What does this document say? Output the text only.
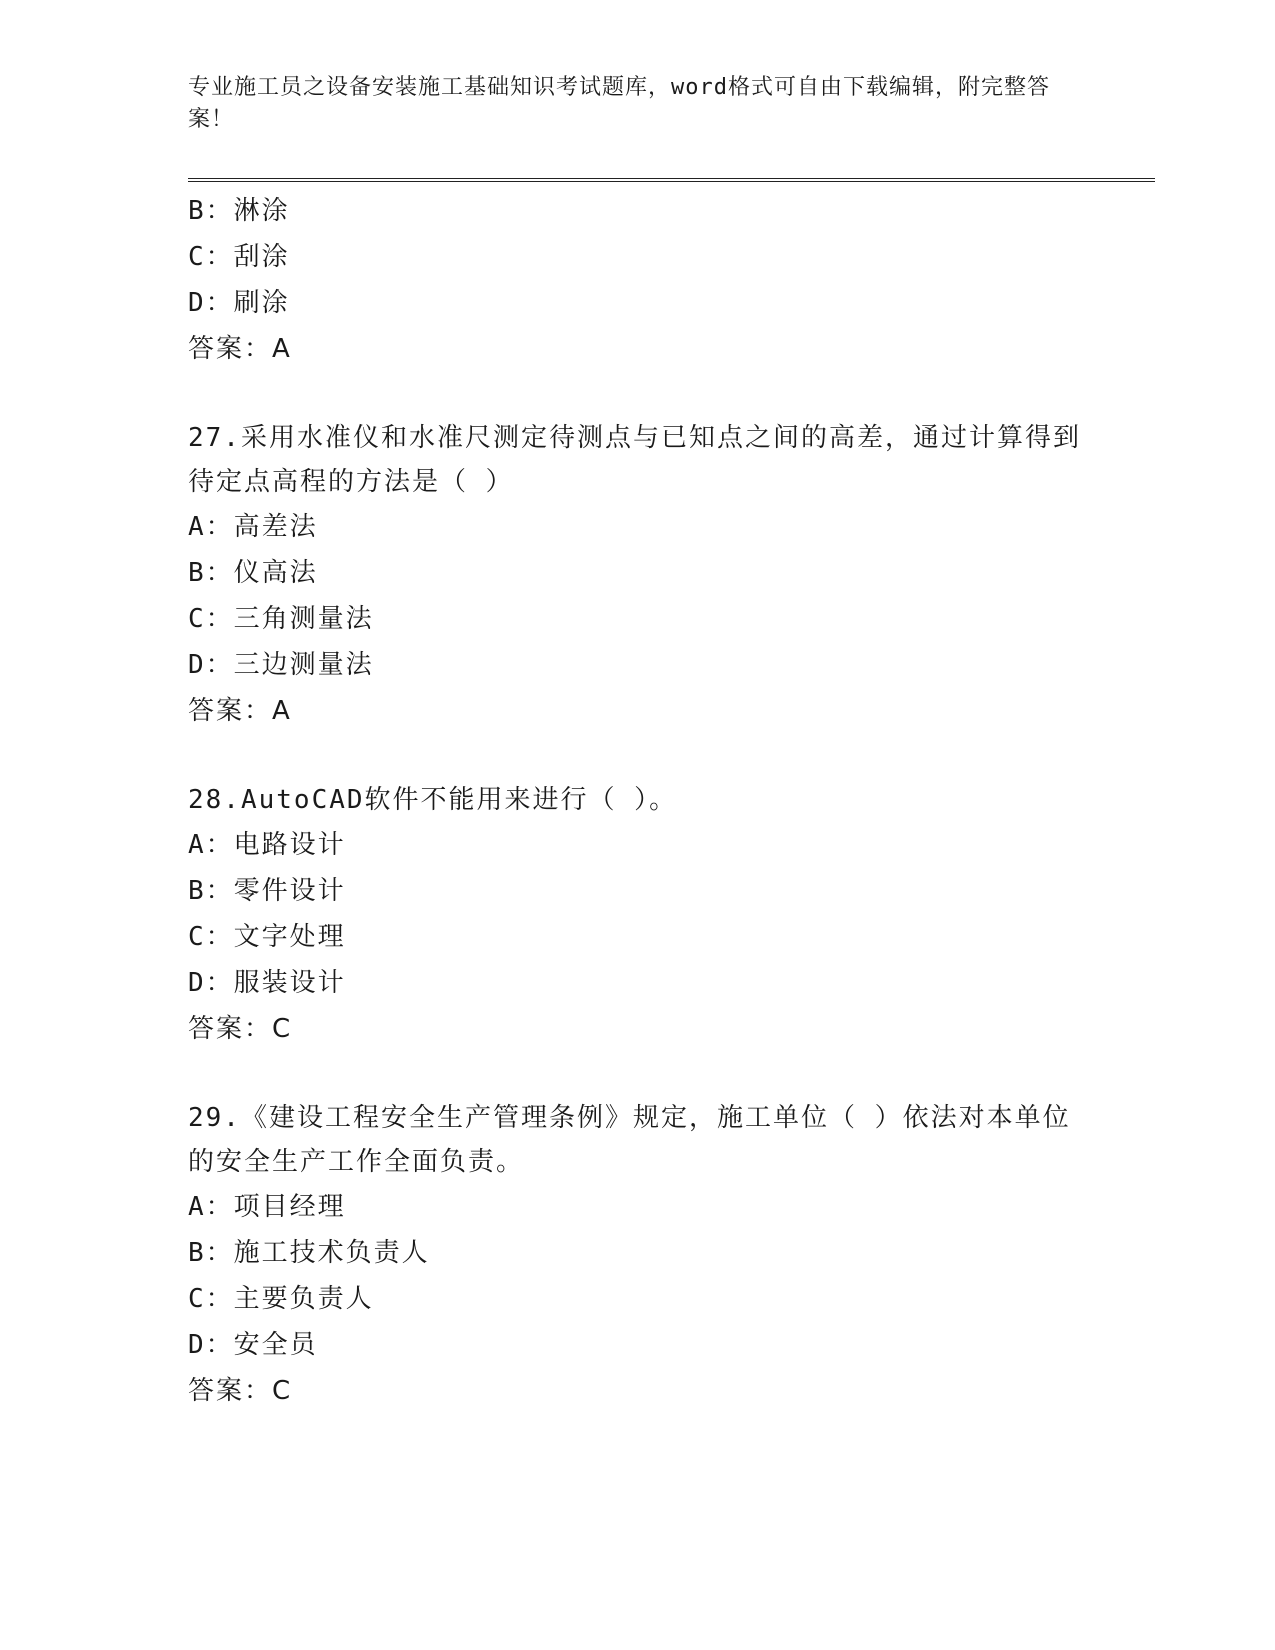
专业施工员之设备安装施工基础知识考试题库，word格式可自由下载编辑，附完整答案！
B：淋涂
C：刮涂
D：刷涂
答案：A
27.采用水准仪和水准尺测定待测点与已知点之间的高差，通过计算得到待定点高程的方法是（ ）
A：高差法
B：仪高法
C：三角测量法
D：三边测量法
答案：A
28.AutoCAD软件不能用来进行（ ）。
A：电路设计
B：零件设计
C：文字处理
D：服装设计
答案：C
29.《建设工程安全生产管理条例》规定，施工单位（ ）依法对本单位的安全生产工作全面负责。
A：项目经理
B：施工技术负责人
C：主要负责人
D：安全员
答案：C
